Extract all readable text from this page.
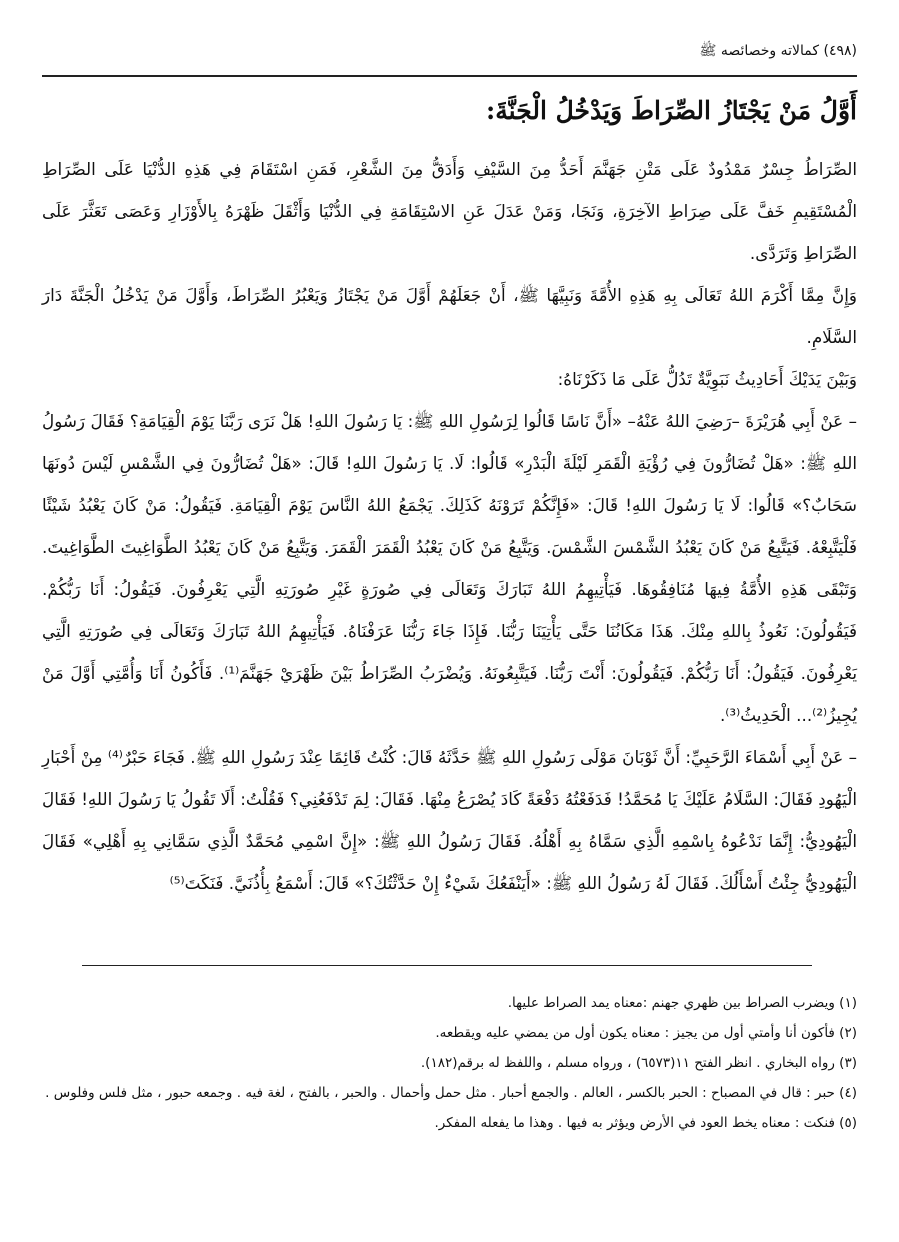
(٤٩٨) كمالاته وخصائصه ﷺ
أَوَّلُ مَنْ يَجْتَازُ الصِّرَاطَ وَيَدْخُلُ الْجَنَّةَ:

الصِّرَاطُ جِسْرٌ مَمْدُودٌ عَلَى مَتْنِ جَهَنَّمَ أَحَدُّ مِنَ السَّيْفِ وَأَدَقُّ مِنَ الشَّعْرِ، فَمَنِ اسْتَقَامَ فِي هَذِهِ الدُّنْيَا عَلَى الصِّرَاطِ الْمُسْتَقِيمِ خَفَّ عَلَى صِرَاطِ الآخِرَةِ، وَنَجَا، وَمَنْ عَدَلَ عَنِ الاسْتِقَامَةِ فِي الدُّنْيَا وَأَثْقَلَ ظَهْرَهُ بِالأَوْزَارِ وَعَصَى تَعَثَّرَ عَلَى الصِّرَاطِ وَتَرَدَّى.

وَإِنَّ مِمَّا أَكْرَمَ اللهُ تَعَالَى بِهِ هَذِهِ الأُمَّةَ وَنَبِيَّهَا ﷺ، أَنْ جَعَلَهُمْ أَوَّلَ مَنْ يَجْتَازُ وَيَعْبُرُ الصِّرَاطَ، وَأَوَّلَ مَنْ يَدْخُلُ الْجَنَّةَ دَارَ السَّلَامِ.

وَبَيْنَ يَدَيْكَ أَحَادِيثُ نَبَوِيَّةٌ تَدُلُّ عَلَى مَا ذَكَرْنَاهُ:

– عَنْ أَبِي هُرَيْرَةَ –رَضِيَ اللهُ عَنْهُ– «أَنَّ نَاسًا قَالُوا لِرَسُولِ اللهِ ﷺ: يَا رَسُولَ اللهِ! هَلْ نَرَى رَبَّنَا يَوْمَ الْقِيَامَةِ؟ فَقَالَ رَسُولُ اللهِ ﷺ: «هَلْ تُضَارُّونَ فِي رُؤْيَةِ الْقَمَرِ لَيْلَةَ الْبَدْرِ» قَالُوا: لَا. يَا رَسُولَ اللهِ! قَالَ: «هَلْ تُضَارُّونَ فِي الشَّمْسِ لَيْسَ دُونَهَا سَحَابٌ؟» قَالُوا: لَا يَا رَسُولَ اللهِ! قَالَ: «فَإِنَّكُمْ تَرَوْنَهُ كَذَلِكَ. يَجْمَعُ اللهُ النَّاسَ يَوْمَ الْقِيَامَةِ. فَيَقُولُ: مَنْ كَانَ يَعْبُدُ شَيْئًا فَلْيَتَّبِعْهُ. فَيَتَّبِعُ مَنْ كَانَ يَعْبُدُ الشَّمْسَ الشَّمْسَ. وَيَتَّبِعُ مَنْ كَانَ يَعْبُدُ الْقَمَرَ الْقَمَرَ. وَيَتَّبِعُ مَنْ كَانَ يَعْبُدُ الطَّوَاغِيتَ الطَّوَاغِيتَ. وَتَبْقَى هَذِهِ الأُمَّةُ فِيهَا مُنَافِقُوهَا. فَيَأْتِيهِمُ اللهُ تَبَارَكَ وَتَعَالَى فِي صُورَةٍ غَيْرِ صُورَتِهِ الَّتِي يَعْرِفُونَ. فَيَقُولُ: أَنَا رَبُّكُمْ. فَيَقُولُونَ: نَعُوذُ بِاللهِ مِنْكَ. هَذَا مَكَانُنَا حَتَّى يَأْتِيَنَا رَبُّنَا. فَإِذَا جَاءَ رَبُّنَا عَرَفْنَاهُ. فَيَأْتِيهِمُ اللهُ تَبَارَكَ وَتَعَالَى فِي صُورَتِهِ الَّتِي يَعْرِفُونَ. فَيَقُولُ: أَنَا رَبُّكُمْ. فَيَقُولُونَ: أَنْتَ رَبُّنَا. فَيَتَّبِعُونَهُ. وَيُضْرَبُ الصِّرَاطُ بَيْنَ ظَهْرَيْ جَهَنَّمَ⁽¹⁾. فَأَكُونُ أَنَا وَأُمَّتِي أَوَّلَ مَنْ يُجِيزُ⁽²⁾... الْحَدِيثُ⁽³⁾.

– عَنْ أَبِي أَسْمَاءَ الرَّحَبِيِّ: أَنَّ ثَوْبَانَ مَوْلَى رَسُولِ اللهِ ﷺ حَدَّثَهُ قَالَ: كُنْتُ قَائِمًا عِنْدَ رَسُولِ اللهِ ﷺ. فَجَاءَ حَبْرٌ⁽⁴⁾ مِنْ أَحْبَارِ الْيَهُودِ فَقَالَ: السَّلَامُ عَلَيْكَ يَا مُحَمَّدُ! فَدَفَعْتُهُ دَفْعَةً كَادَ يُصْرَعُ مِنْهَا. فَقَالَ: لِمَ تَدْفَعُنِي؟ فَقُلْتُ: أَلَا تَقُولُ يَا رَسُولَ اللهِ! فَقَالَ الْيَهُودِيُّ: إِنَّمَا نَدْعُوهُ بِاسْمِهِ الَّذِي سَمَّاهُ بِهِ أَهْلُهُ. فَقَالَ رَسُولُ اللهِ ﷺ: «إِنَّ اسْمِي مُحَمَّدٌ الَّذِي سَمَّانِي بِهِ أَهْلِي» فَقَالَ الْيَهُودِيُّ جِئْتُ أَسْأَلُكَ. فَقَالَ لَهُ رَسُولُ اللهِ ﷺ: «أَيَنْفَعُكَ شَيْءٌ إِنْ حَدَّثْتُكَ؟» قَالَ: أَسْمَعُ بِأُذُنَيَّ. فَنَكَتَ⁽⁵⁾

(١) ويضرب الصراط بين ظهري جهنم :معناه يمد الصراط عليها.

(٢) فأكون أنا وأمتي أول من يجيز : معناه يكون أول من يمضي عليه ويقطعه.

(٣) رواه البخاري . انظر الفتح ١١(٦٥٧٣) ، ورواه مسلم ، واللفظ له برقم(١٨٢).

(٤) حبر : قال في المصباح : الحبر بالكسر ، العالم . والجمع أحبار . مثل حمل وأحمال . والحبر ، بالفتح ، لغة فيه . وجمعه حبور ، مثل فلس وفلوس .

(٥) فنكت : معناه يخط العود في الأرض ويؤثر به فيها . وهذا ما يفعله المفكر.
